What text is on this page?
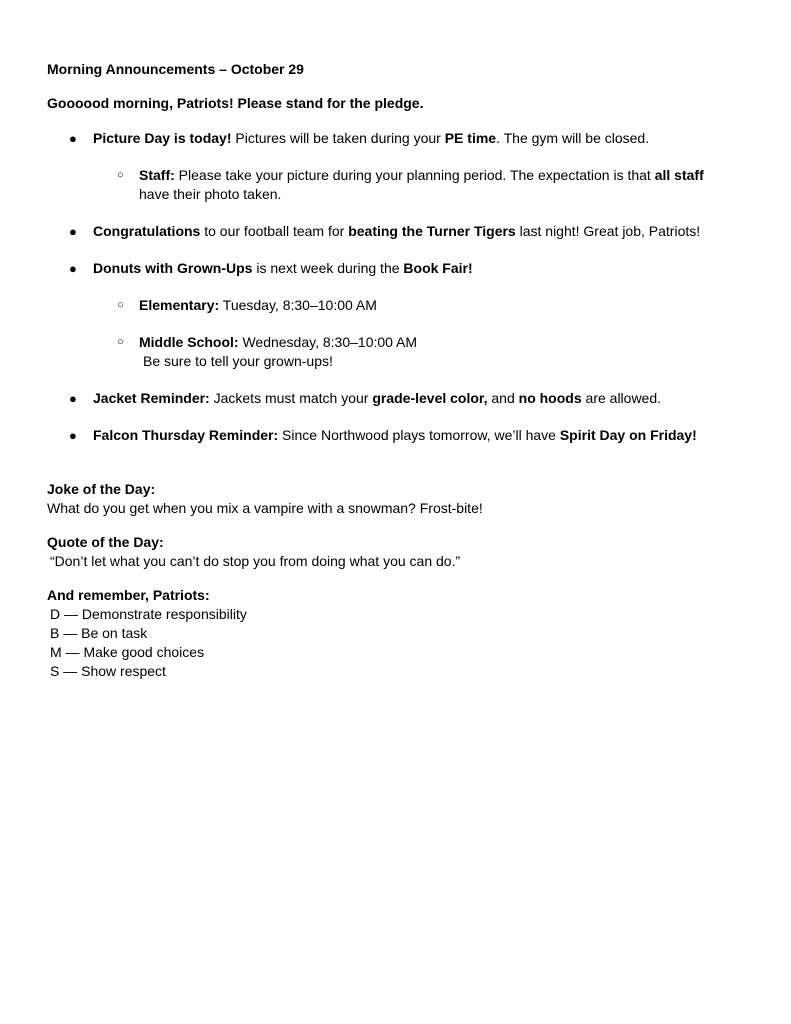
Morning Announcements – October 29

Goooood morning, Patriots! Please stand for the pledge.

● Picture Day is today! Pictures will be taken during your PE time. The gym will be closed.
○ Staff: Please take your picture during your planning period. The expectation is that all staff
have their photo taken.
● Congratulations to our football team for beating the Turner Tigers last night! Great job, Patriots!
● Donuts with Grown-Ups is next week during the Book Fair!
○ Elementary: Tuesday, 8:30–10:00 AM
○ Middle School: Wednesday, 8:30–10:00 AM
Be sure to tell your grown-ups!
● Jacket Reminder: Jackets must match your grade-level color, and no hoods are allowed.
● Falcon Thursday Reminder: Since Northwood plays tomorrow, we’ll have Spirit Day on Friday!

Joke of the Day:

What do you get when you mix a vampire with a snowman? Frost-bite!

Quote of the Day:

“Don’t let what you can’t do stop you from doing what you can do.”

And remember, Patriots:

D — Demonstrate responsibility
B — Be on task
M — Make good choices
S — Show respect
